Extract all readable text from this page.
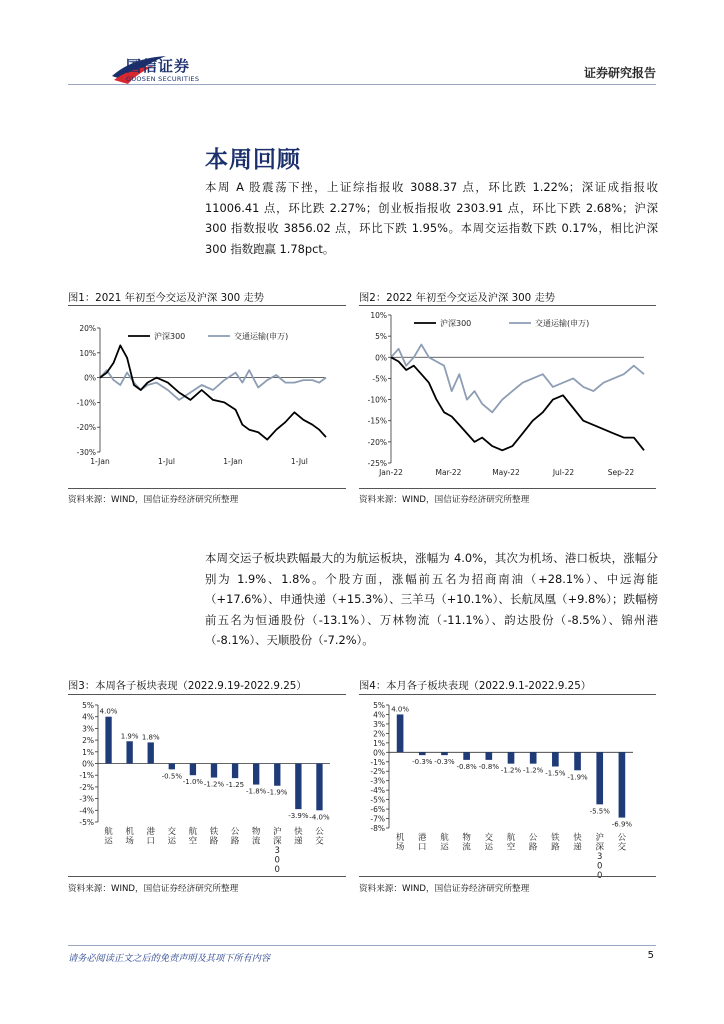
国信证券
GUOSEN SECURITIES	证券研究报告
本周回顾
本周 A 股震荡下挫，上证综指报收 3088.37 点，环比跌 1.22%；深证成指报收 11006.41 点，环比跌 2.27%；创业板指报收 2303.91 点，环比下跌 2.68%；沪深 300 指数报收 3856.02 点，环比下跌 1.95%。本周交运指数下跌 0.17%，相比沪深 300 指数跑赢 1.78pct。
图1：2021 年初至今交运及沪深 300 走势	图2：2022 年初至今交运及沪深 300 走势
20%
10%
0%
-10%
-20%
-30%
1-Jan	1-Jul	1-Jan	1-Jul
沪深300	交通运输(申万)
10%
5%
0%
-5%
-10%
-15%
-20%
-25%
Jan-22	Mar-22	May-22	Jul-22	Sep-22
沪深300	交通运输(申万)
资料来源：WIND，国信证券经济研究所整理	资料来源：WIND，国信证券经济研究所整理
本周交运子板块跌幅最大的为航运板块，涨幅为 4.0%，其次为机场、港口板块，涨幅分别为 1.9%、1.8%。个股方面，涨幅前五名为招商南油（+28.1%）、中远海能（+17.6%）、申通快递（+15.3%）、三羊马（+10.1%）、长航凤凰（+9.8%）；跌幅榜前五名为恒通股份（-13.1%）、万林物流（-11.1%）、韵达股份（-8.5%）、锦州港（-8.1%）、天顺股份（-7.2%）。
图3：本周各子板块表现（2022.9.19-2022.9.25）	图4：本月各子板块表现（2022.9.1-2022.9.25）
5%
4%
3%
2%
1%
0%
-1%
-2%
-3%
-4%
-5%
4.0%
航
运
1.9%
机
场
1.8%
港
口
-0.5%
交
运
-1.0%
航
空
-1.2%
铁
路
-1.25
公
路
-1.8%
物
流
-1.9%
沪
深
3
0
0
-3.9%
快
递
-4.0%
公
交
5%
4%
3%
2%
1%
0%
-1%
-2%
-3%
-4%
-5%
-6%
-7%
-8%
4.0%
机
场
-0.3%
港
口
-0.3%
航
运
-0.8%
物
流
-0.8%
交
运
-1.2%
航
空
-1.2%
公
路
-1.5%
铁
路
-1.9%
快
递
-5.5%
沪
深
3
0
-6.9%
公
交
资料来源：WIND，国信证券经济研究所整理	资料来源：WIND，国信证券经济研究所整理
请务必阅读正文之后的免责声明及其项下所有内容	5
